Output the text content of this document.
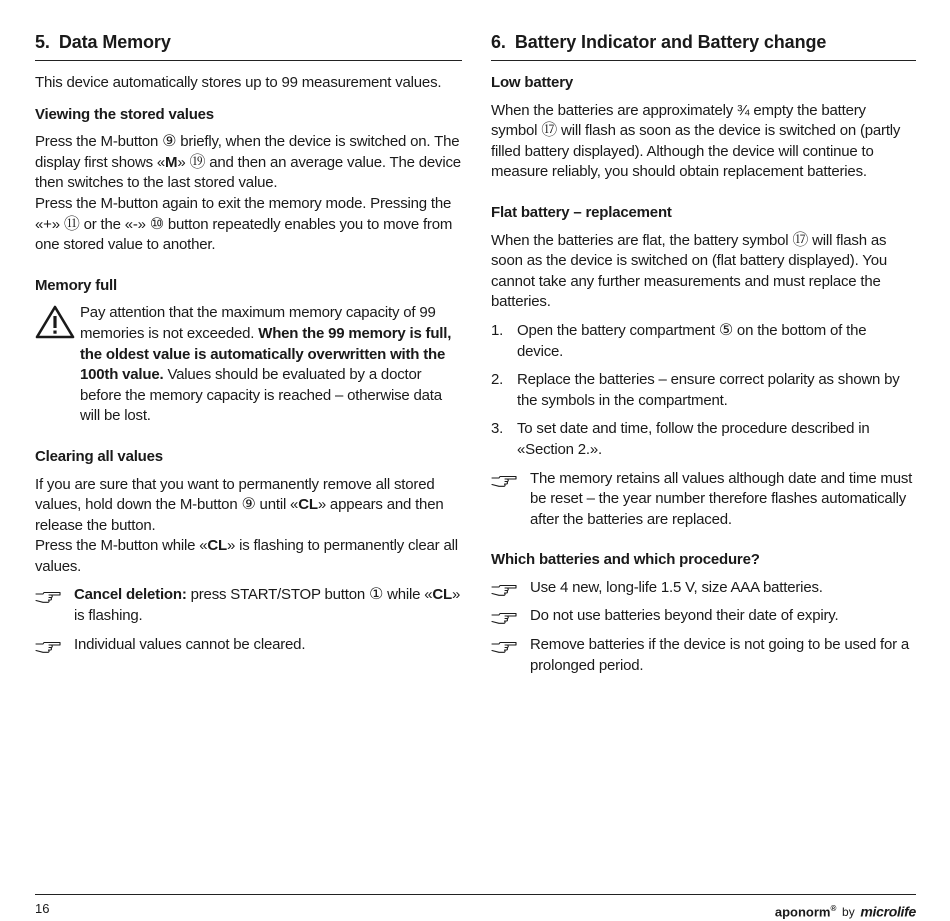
5. Data Memory

This device automatically stores up to 99 measurement values.

Viewing the stored values

Press the M-button ⑨ briefly, when the device is switched on. The display first shows «M» ⑲ and then an average value. The device then switches to the last stored value.

Press the M-button again to exit the memory mode. Pressing the «+» ⑪ or the «-» ⑩ button repeatedly enables you to move from one stored value to another.

Memory full

Pay attention that the maximum memory capacity of 99 memories is not exceeded. When the 99 memory is full, the oldest value is automatically overwritten with the 100th value. Values should be evaluated by a doctor before the memory capacity is reached – otherwise data will be lost.

Clearing all values

If you are sure that you want to permanently remove all stored values, hold down the M-button ⑨ until «CL» appears and then release the button.

Press the M-button while «CL» is flashing to permanently clear all values.

Cancel deletion: press START/STOP button ① while «CL» is flashing.

Individual values cannot be cleared.

6. Battery Indicator and Battery change

Low battery

When the batteries are approximately ¾ empty the battery symbol ⑰ will flash as soon as the device is switched on (partly filled battery displayed). Although the device will continue to measure reliably, you should obtain replacement batteries.

Flat battery – replacement

When the batteries are flat, the battery symbol ⑰ will flash as soon as the device is switched on (flat battery displayed). You cannot take any further measurements and must replace the batteries.

1. Open the battery compartment ⑤ on the bottom of the device.

2. Replace the batteries – ensure correct polarity as shown by the symbols in the compartment.

3. To set date and time, follow the procedure described in «Section 2.».

The memory retains all values although date and time must be reset – the year number therefore flashes automatically after the batteries are replaced.

Which batteries and which procedure?

Use 4 new, long-life 1.5 V, size AAA batteries.

Do not use batteries beyond their date of expiry.

Remove batteries if the device is not going to be used for a prolonged period.

16	aponorm® by microlife
